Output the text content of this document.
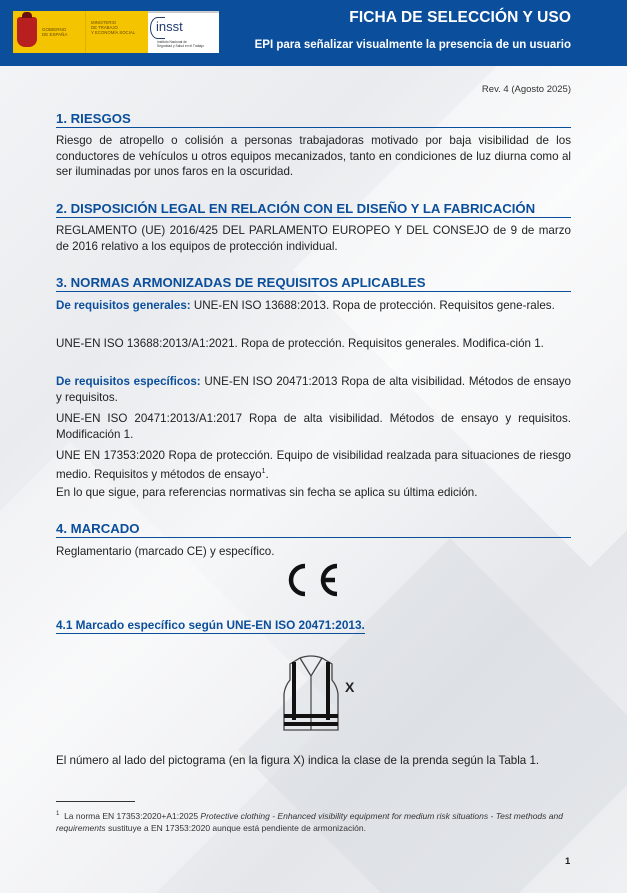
GOBIERNO
DE ESPAÑA
MINISTERIO
DE TRABAJO
Y ECONOMÍA SOCIAL	insst
Instituto Nacional de
Seguridad y Salud en el Trabajo
FICHA DE SELECCIÓN Y USO
EPI para señalizar visualmente la presencia de un usuario
Rev. 4 (Agosto 2025)
1. RIESGOS
Riesgo de atropello o colisión a personas trabajadoras motivado por baja visibilidad de los conductores de vehículos u otros equipos mecanizados, tanto en condiciones de luz diurna como al ser iluminadas por unos faros en la oscuridad.
2. DISPOSICIÓN LEGAL EN RELACIÓN CON EL DISEÑO Y LA FABRICACIÓN
REGLAMENTO (UE) 2016/425 DEL PARLAMENTO EUROPEO Y DEL CONSEJO de 9 de marzo de 2016 relativo a los equipos de protección individual.
3. NORMAS ARMONIZADAS DE REQUISITOS APLICABLES
De requisitos generales: UNE-EN ISO 13688:2013. Ropa de protección. Requisitos gene-rales.
UNE-EN ISO 13688:2013/A1:2021. Ropa de protección. Requisitos generales. Modifica-ción 1.
De requisitos específicos: UNE-EN ISO 20471:2013 Ropa de alta visibilidad. Métodos de ensayo y requisitos.
UNE-EN ISO 20471:2013/A1:2017 Ropa de alta visibilidad. Métodos de ensayo y requisitos. Modificación 1.
UNE EN 17353:2020 Ropa de protección. Equipo de visibilidad realzada para situaciones de riesgo medio. Requisitos y métodos de ensayo$^1$.
En lo que sigue, para referencias normativas sin fecha se aplica su última edición.
4. MARCADO
Reglamentario (marcado CE) y específico.
4.1 Marcado específico según UNE-EN ISO 20471:2013.
X
El número al lado del pictograma (en la figura X) indica la clase de la prenda según la Tabla 1.
$^1$ La norma EN 17353:2020+A1:2025 Protective clothing - Enhanced visibility equipment for medium risk situations - Test methods and requirements sustituye a EN 17353:2020 aunque está pendiente de armonización.
1
